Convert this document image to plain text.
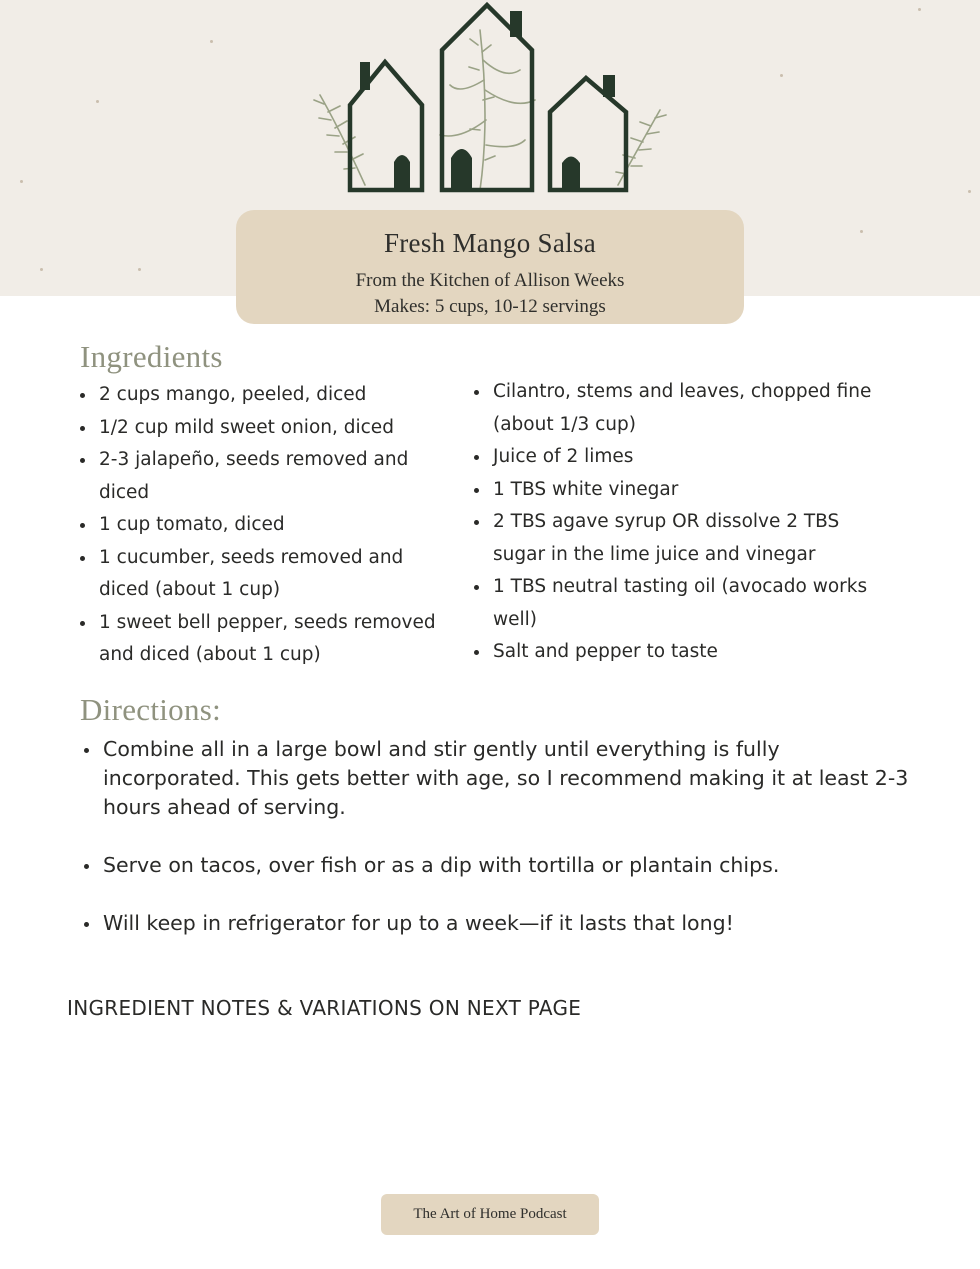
Fresh Mango Salsa
From the Kitchen of Allison Weeks
Makes: 5 cups, 10-12 servings
Ingredients
2 cups mango, peeled, diced
1/2 cup mild sweet onion, diced
2-3 jalapeño, seeds removed and diced
1 cup tomato, diced
1 cucumber, seeds removed and diced (about 1 cup)
1 sweet bell pepper, seeds removed and diced (about 1 cup)
Cilantro, stems and leaves, chopped fine (about 1/3 cup)
Juice of 2 limes
1 TBS white vinegar
2 TBS agave syrup OR dissolve 2 TBS sugar in the lime juice and vinegar
1 TBS neutral tasting oil (avocado works well)
Salt and pepper to taste
Directions:
Combine all in a large bowl and stir gently until everything is fully incorporated. This gets better with age, so I recommend making it at least 2-3 hours ahead of serving.
Serve on tacos, over fish or as a dip with tortilla or plantain chips.
Will keep in refrigerator for up to a week—if it lasts that long!
INGREDIENT NOTES & VARIATIONS ON NEXT PAGE
The Art of Home Podcast
